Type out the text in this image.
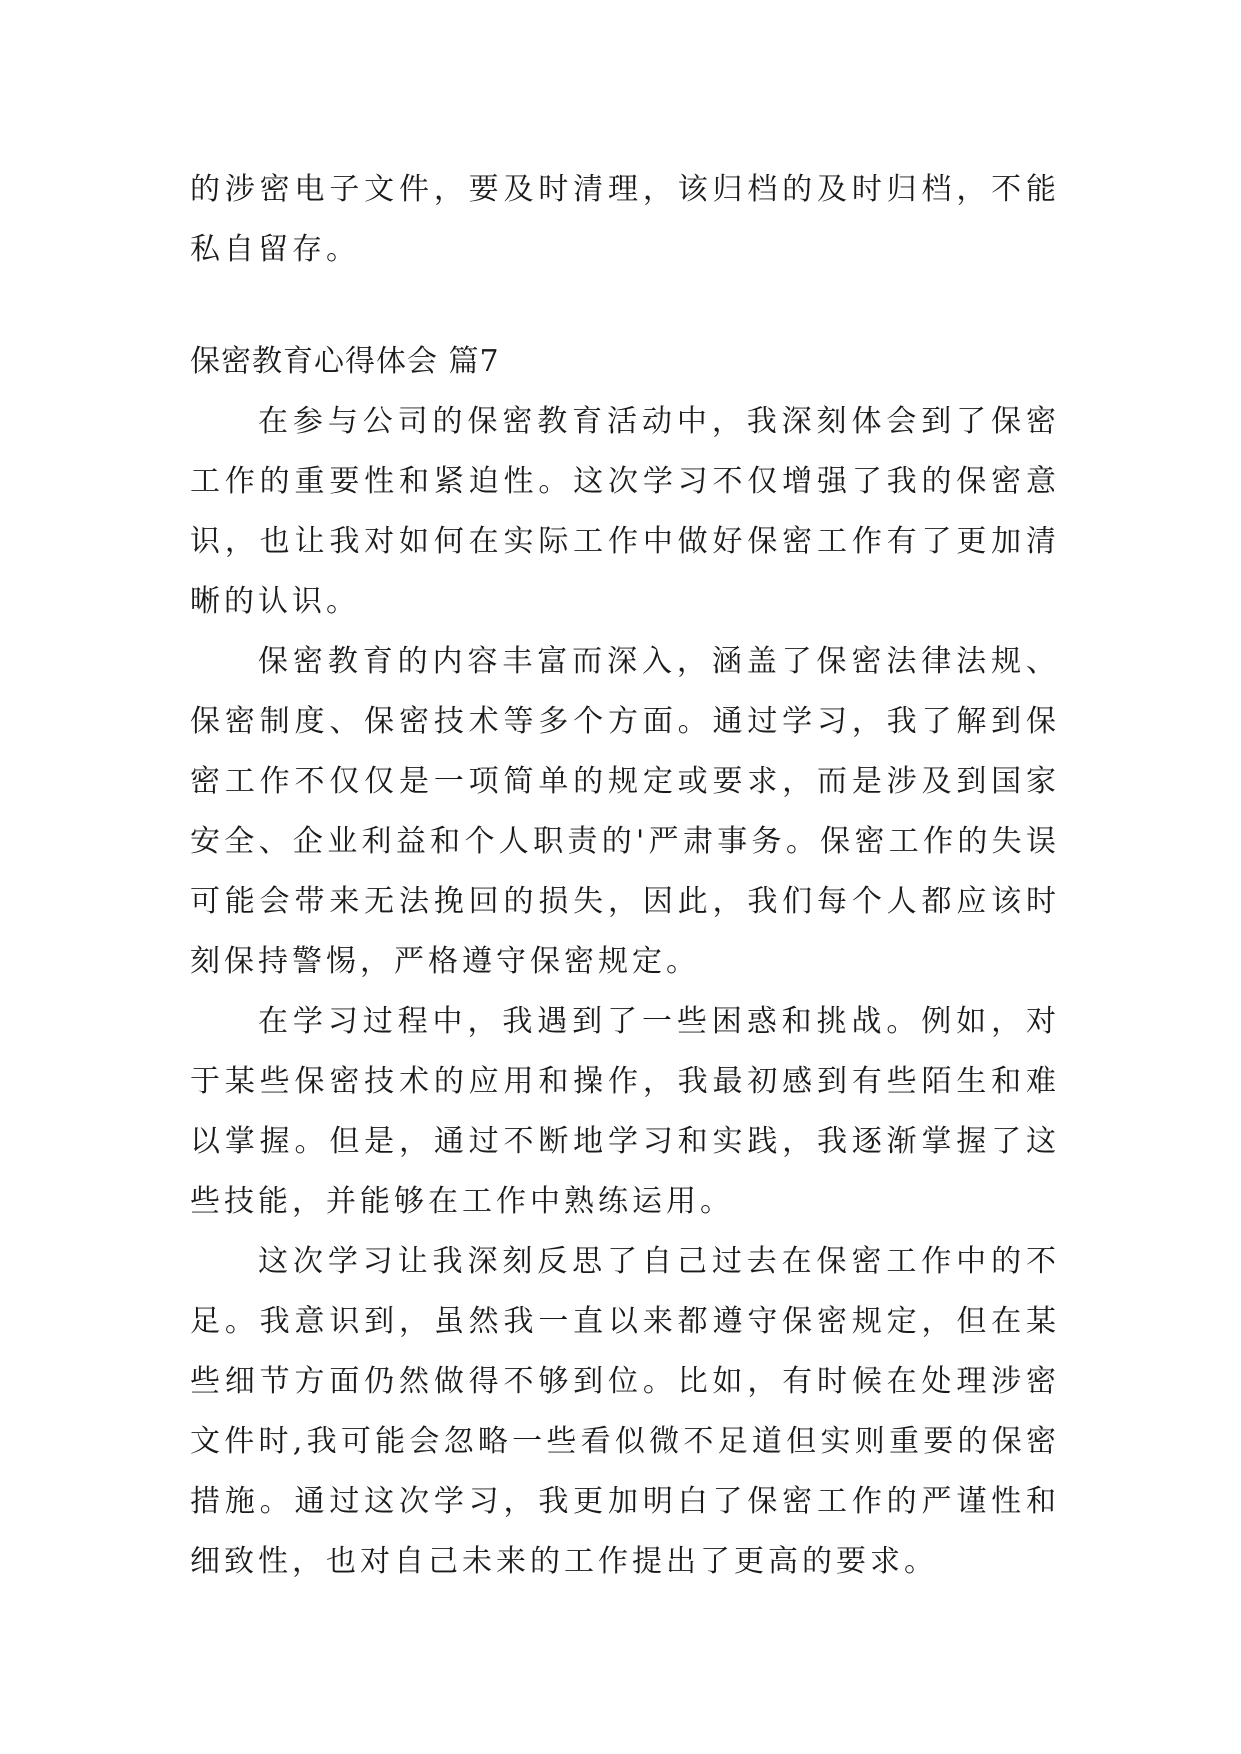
的涉密电子文件，要及时清理，该归档的及时归档，不能私自留存。

保密教育心得体会 篇7

在参与公司的保密教育活动中，我深刻体会到了保密工作的重要性和紧迫性。这次学习不仅增强了我的保密意识，也让我对如何在实际工作中做好保密工作有了更加清晰的认识。

保密教育的内容丰富而深入，涵盖了保密法律法规、保密制度、保密技术等多个方面。通过学习，我了解到保密工作不仅仅是一项简单的规定或要求，而是涉及到国家安全、企业利益和个人职责的'严肃事务。保密工作的失误可能会带来无法挽回的损失，因此，我们每个人都应该时刻保持警惕，严格遵守保密规定。

在学习过程中，我遇到了一些困惑和挑战。例如，对于某些保密技术的应用和操作，我最初感到有些陌生和难以掌握。但是，通过不断地学习和实践，我逐渐掌握了这些技能，并能够在工作中熟练运用。

这次学习让我深刻反思了自己过去在保密工作中的不足。我意识到，虽然我一直以来都遵守保密规定，但在某些细节方面仍然做得不够到位。比如，有时候在处理涉密文件时,我可能会忽略一些看似微不足道但实则重要的保密措施。通过这次学习，我更加明白了保密工作的严谨性和细致性，也对自己未来的工作提出了更高的要求。
